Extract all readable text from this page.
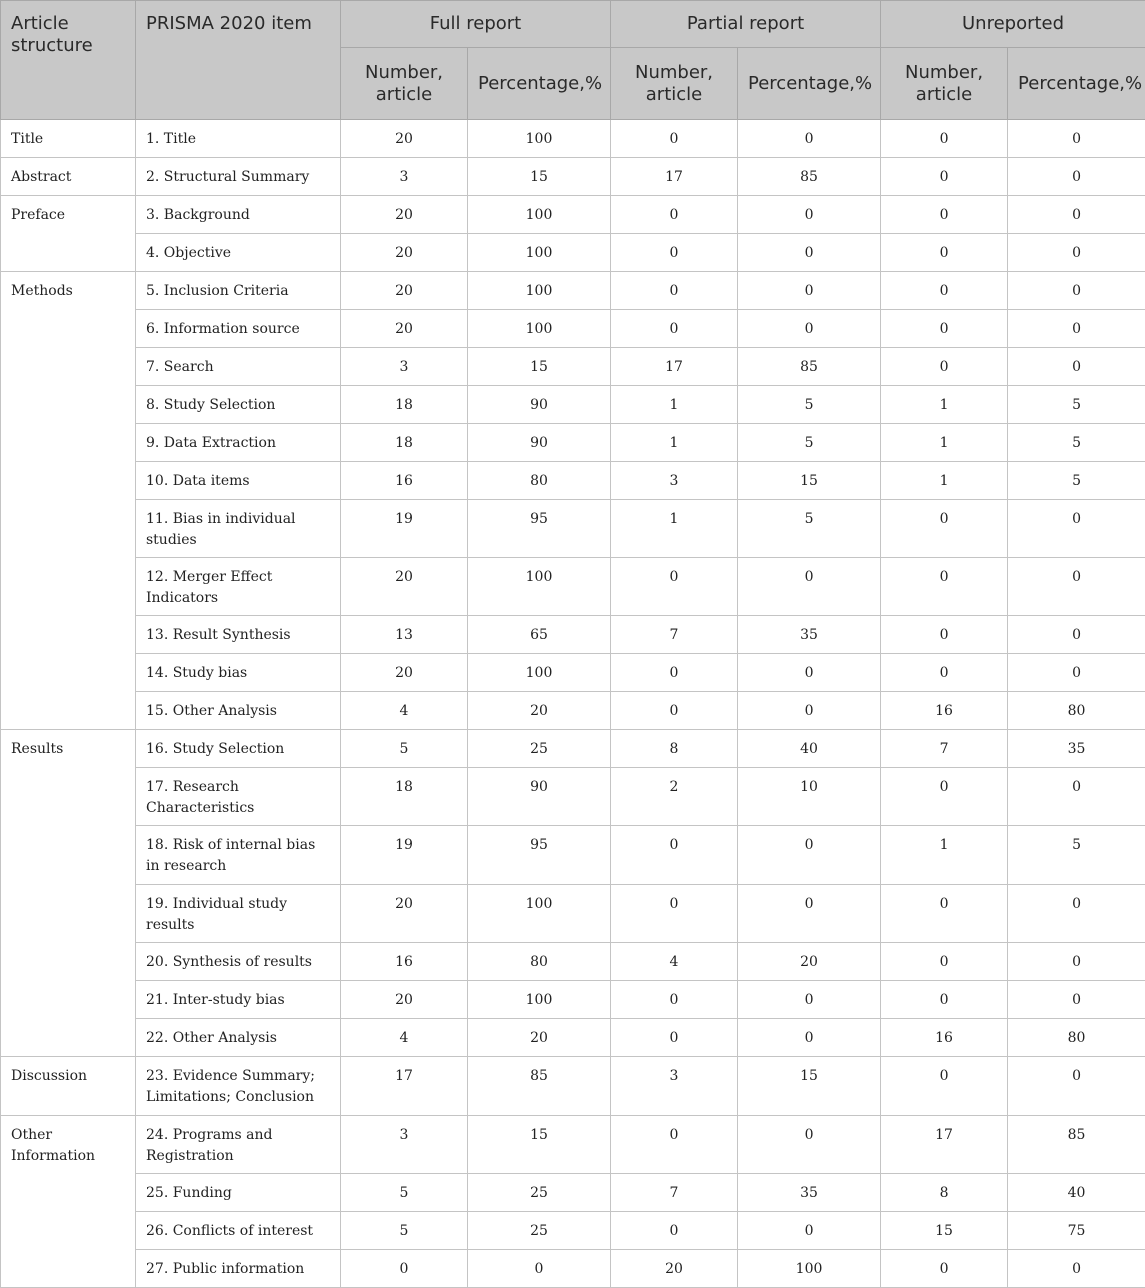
Article structure	PRISMA 2020 item	Full report		Partial report		Unreported	
		Number, article	Percentage,%	Number, article	Percentage,%	Number, article	Percentage,%
Title	1. Title	20	100	0	0	0	0
Abstract	2. Structural Summary	3	15	17	85	0	0
Preface	3. Background	20	100	0	0	0	0
	4. Objective	20	100	0	0	0	0
Methods	5. Inclusion Criteria	20	100	0	0	0	0
	6. Information source	20	100	0	0	0	0
	7. Search	3	15	17	85	0	0
	8. Study Selection	18	90	1	5	1	5
	9. Data Extraction	18	90	1	5	1	5
	10. Data items	16	80	3	15	1	5
	11. Bias in individual studies	19	95	1	5	0	0
	12. Merger Effect Indicators	20	100	0	0	0	0
	13. Result Synthesis	13	65	7	35	0	0
	14. Study bias	20	100	0	0	0	0
	15. Other Analysis	4	20	0	0	16	80
Results	16. Study Selection	5	25	8	40	7	35
	17. Research Characteristics	18	90	2	10	0	0
	18. Risk of internal bias in research	19	95	0	0	1	5
	19. Individual study results	20	100	0	0	0	0
	20. Synthesis of results	16	80	4	20	0	0
	21. Inter-study bias	20	100	0	0	0	0
	22. Other Analysis	4	20	0	0	16	80
Discussion	23. Evidence Summary; Limitations; Conclusion	17	85	3	15	0	0
Other Information	24. Programs and Registration	3	15	0	0	17	85
	25. Funding	5	25	7	35	8	40
	26. Conflicts of interest	5	25	0	0	15	75
	27. Public information	0	0	20	100	0	0
